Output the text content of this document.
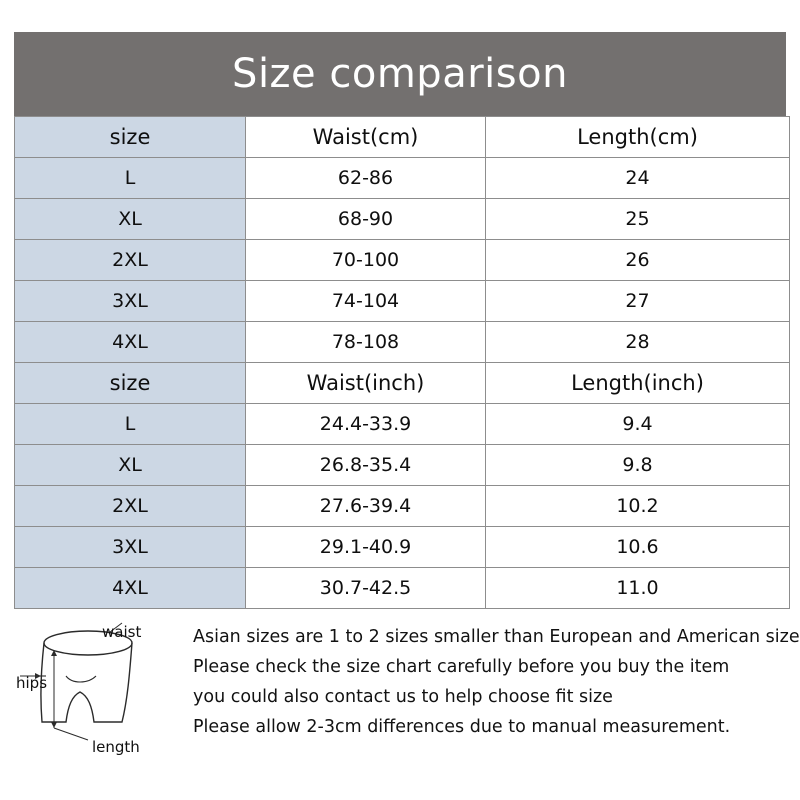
Size comparison
size	Waist(cm)	Length(cm)
L	62-86	24
XL	68-90	25
2XL	70-100	26
3XL	74-104	27
4XL	78-108	28
size	Waist(inch)	Length(inch)
L	24.4-33.9	9.4
XL	26.8-35.4	9.8
2XL	27.6-39.4	10.2
3XL	29.1-40.9	10.6
4XL	30.7-42.5	11.0
waist
hips
length
Asian sizes are 1 to 2 sizes smaller than European and American size
Please check the size chart carefully before you buy the item
you could also contact us to help choose fit size
Please allow 2-3cm differences due to manual measurement.
